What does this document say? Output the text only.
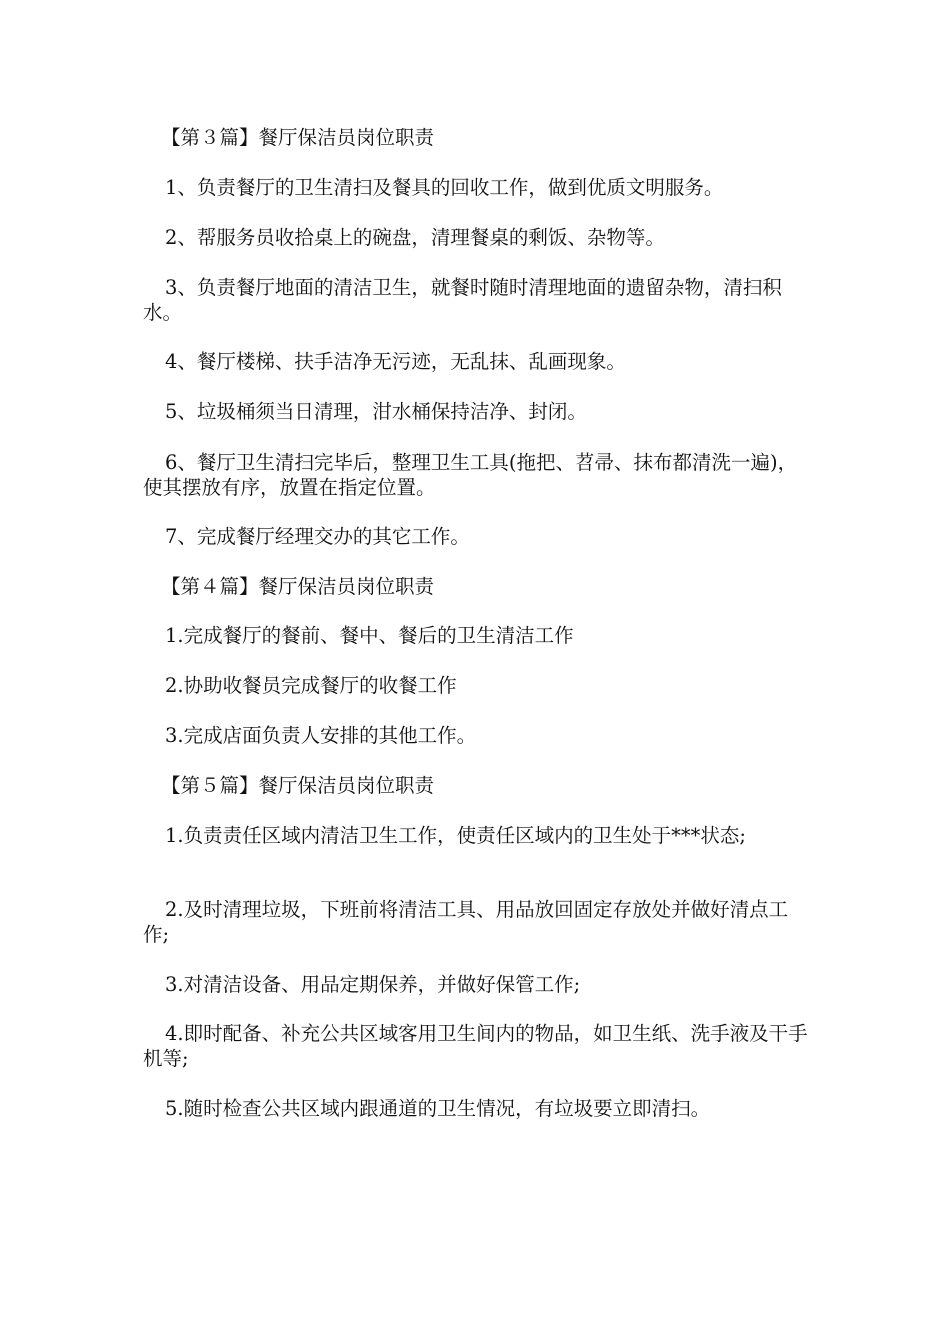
【第３篇】餐厅保洁员岗位职责

1、负责餐厅的卫生清扫及餐具的回收工作，做到优质文明服务。

2、帮服务员收拾桌上的碗盘，清理餐桌的剩饭、杂物等。

3、负责餐厅地面的清洁卫生，就餐时随时清理地面的遗留杂物，清扫积水。

4、餐厅楼梯、扶手洁净无污迹，无乱抹、乱画现象。

5、垃圾桶须当日清理，泔水桶保持洁净、封闭。

6、餐厅卫生清扫完毕后，整理卫生工具(拖把、苕帚、抹布都清洗一遍)，使其摆放有序，放置在指定位置。

7、完成餐厅经理交办的其它工作。

【第４篇】餐厅保洁员岗位职责

1.完成餐厅的餐前、餐中、餐后的卫生清洁工作

2.协助收餐员完成餐厅的收餐工作

3.完成店面负责人安排的其他工作。

【第５篇】餐厅保洁员岗位职责

1.负责责任区域内清洁卫生工作，使责任区域内的卫生处于***状态;

2.及时清理垃圾，下班前将清洁工具、用品放回固定存放处并做好清点工作;

3.对清洁设备、用品定期保养，并做好保管工作;

4.即时配备、补充公共区域客用卫生间内的物品，如卫生纸、洗手液及干手机等;

5.随时检查公共区域内跟通道的卫生情况，有垃圾要立即清扫。
